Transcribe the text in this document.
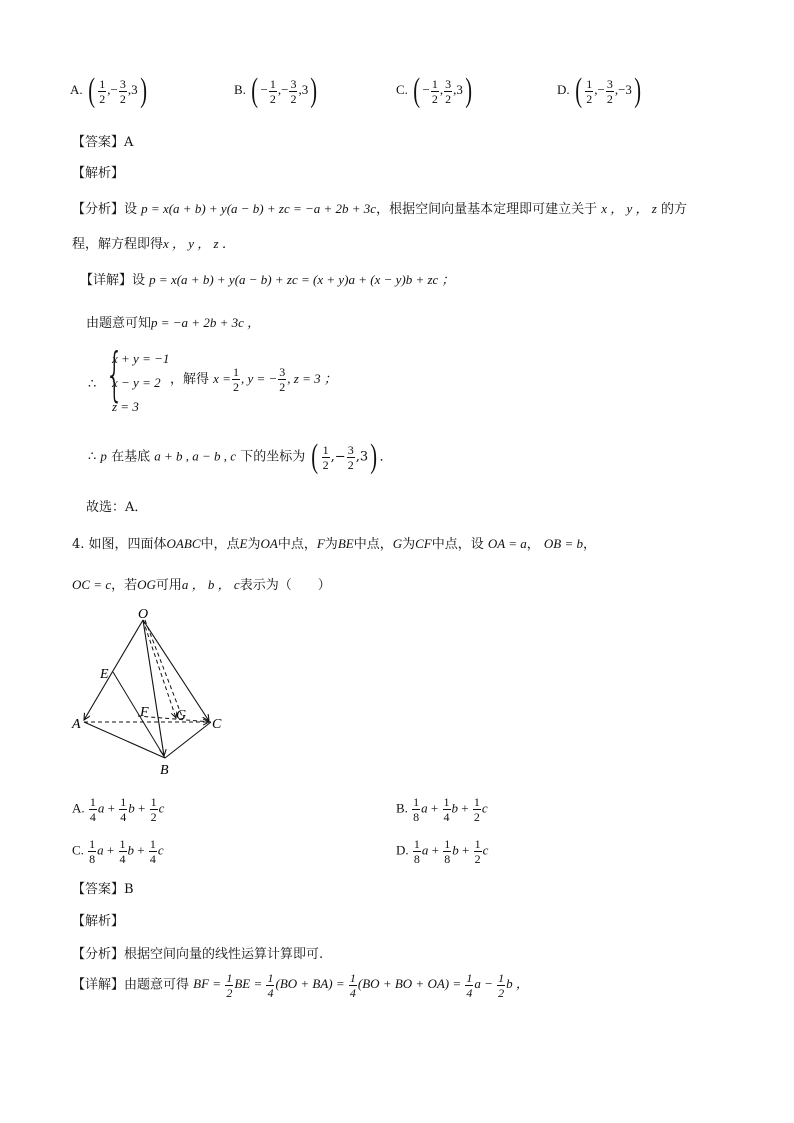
A. ( $\frac{1}{2}$ ,− $\frac{3}{2} ,3$)	B. ( − $\frac{1}{2}$ ,− $\frac{3}{2} ,3$)	C. ( − $\frac{1}{2}$ , $\frac{3}{2} ,3$)	D. ( $\frac{1}{2}$ ,− $\frac{3}{2} ,-3$)
【答案】A
【解析】
【分析】设 p = x(a + b) + y(a − b) + zc = −a + 2b + 3c，根据空间向量基本定理即可建立关于 x ， y ， z 的方
程，解方程即得x ， y ， z ．
【详解】设 p = x(a + b) + y(a − b) + zc = (x + y)a + (x − y)b + zc ；
由题意可知p = −a + 2b + 3c ，
∴ {
x + y = −1
x − y = 2
z = 3
，解得 $x = \frac{1}{2}$ , y = − $\frac{3}{2}$ , z = 3 ；
∴ p 在基底 a + b , a − b , c 下的坐标为 ( $\frac{1}{2}$ ,− $\frac{3}{2} ,3$) ．
故选：A．
4. 如图，四面体OABC中，点E为OA中点，F为BE中点，G为CF中点，设 OA = a， OB = b，
OC = c，若OG可用a ， b ， c表示为（　　）
O
E
A
F G
C
B
A. $\frac{1}{4}$ $a + \frac{1}{4}$ $b + \frac{1}{2}$ c	B. $\frac{1}{8}$ $a + \frac{1}{4}$ $b + \frac{1}{2}$ c
C. $\frac{1}{8}$ $a + \frac{1}{4}$ $b + \frac{1}{4}$ c	D. $\frac{1}{8}$ $a + \frac{1}{8}$ $b + \frac{1}{2}$ c
【答案】B
【解析】
【分析】根据空间向量的线性运算计算即可.
【详解】由题意可得 BF = $\frac{1}{2}$ BE = $\frac{1}{4} (BO + BA) = \frac{1}{4} (BO$ + BO + $OA) = \frac{1}{4}$ $a - \frac{1}{2}$ b ，
